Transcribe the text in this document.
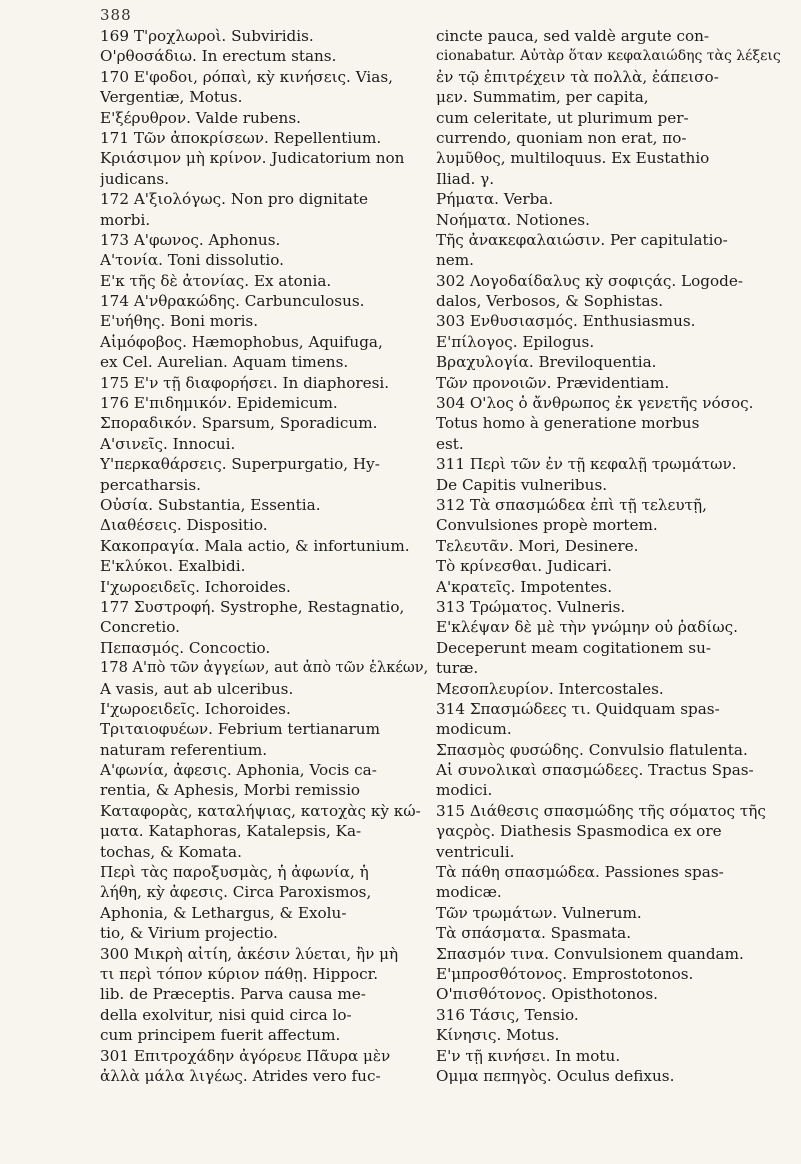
388
169 Τ'ροχλωροὶ. Subviridis.
O'ρθοσάδιω. In erectum stans.
170 E'φοδοι, ρόπαὶ, κỳ κινήσεις. Vias,
Vergentiæ, Motus.
E'ξέρυθρον. Valde rubens.
171 Τῶν ἀποκρίσεων. Repellentium.
Κριάσιμον μὴ κρίνον. Judicatorium non
judicans.
172 A'ξιολόγως. Non pro dignitate
morbi.
173 A'φωνος. Aphonus.
A'τονία. Toni dissolutio.
E'κ τῆς δὲ ἀτονίας. Ex atonia.
174 A'νθρακώδης. Carbunculosus.
E'υήθης. Boni moris.
Αἱμόφοβος. Hæmophobus, Aquifuga,
ex Cel. Aurelian. Aquam timens.
175 E'ν τῇ διαφορήσει. In diaphoresi.
176 E'πιδημικόν. Epidemicum.
Σποραδικόν. Sparsum, Sporadicum.
A'σινεῖς. Innocui.
Υ'περκαθάρσεις. Superpurgatio, Hy-
percatharsis.
Οὐσία. Substantia, Essentia.
Διαθέσεις. Dispositio.
Κακοπραγία. Mala actio, & infortunium.
E'κλύκοι. Exalbidi.
Ι'χωροειδεῖς. Ichoroides.
177 Συστροφή. Systrophe, Restagnatio,
Concretio.
Πεπασμός. Concoctio.
178 A'πὸ τῶν ἀγγείων, aut ἀπὸ τῶν ἑλκέων,
A vasis, aut ab ulceribus.
Ι'χωροειδεῖς. Ichoroides.
Τριταιοφυέων. Febrium tertianarum
naturam referentium.
A'φωνία, ἀφεσις. Aphonia, Vocis ca-
rentia, & Aphesis, Morbi remissio
Καταφορὰς, καταλήψιας, κατοχὰς κỳ κώ-
ματα. Kataphoras, Katalepsis, Ka-
tochas, & Komata.
Περὶ τὰς παροξυσμὰς, ἡ ἀφωνία, ἡ
λήθη, κỳ ἀφεσις. Circa Paroxismos,
Aphonia, & Lethargus, & Exolu-
tio, & Virium projectio.
300 Μικρὴ αἰτίη, ἀκέσιν λύεται, ἢν μὴ
τι περὶ τόπον κύριον πάθῃ. Hippocr.
lib. de Præceptis. Parva causa me-
della exolvitur, nisi quid circa lo-
cum principem fuerit affectum.
301 Επιτροχάδην ἀγόρευε Πᾶυρα μὲν
ἀλλὰ μάλα λιγέως. Atrides vero fuc-
cincte pauca, sed valdè argute con-
cionabatur. Αὐτὰρ ὅταν κεφαλαιώδης τὰς λέξεις
ἐν τῷ ἐπιτρέχειν τὰ πολλὰ, ἐάπεισο-
μεν. Summatim, per capita,
cum celeritate, ut plurimum per-
currendo, quoniam non erat, πο-
λυμῦθος, multiloquus. Ex Eustathio
Iliad. γ.
Ρήματα. Verba.
Νοήματα. Notiones.
Τῆς ἀνακεφαλαιώσιν. Per capitulatio-
nem.
302 Λογοδαίδαλυς κỳ σοφιςάς. Logode-
dalos, Verbosos, & Sophistas.
303 Ενθυσιασμός. Enthusiasmus.
E'πίλογος. Epilogus.
Βραχυλογία. Breviloquentia.
Τῶν προνοιῶν. Prævidentiam.
304 Ο'λος ὁ ἄνθρωπος ἐκ γενετῆς νόσος.
Totus homo à generatione morbus
est.
311 Περὶ τῶν ἐν τῇ κεφαλῇ τρωμάτων.
De Capitis vulneribus.
312 Τὰ σπασμώδεα ἐπὶ τῇ τελευτῇ,
Convulsiones propè mortem.
Τελευτᾶν. Mori, Desinere.
Τὸ κρίνεσθαι. Judicari.
A'κρατεῖς. Impotentes.
313 Τρώματος. Vulneris.
E'κλέψαν δὲ μὲ τὴν γνώμην οὐ ῥαδίως.
Deceperunt meam cogitationem su-
turæ.
Μεσοπλευρίον. Intercostales.
314 Σπασμώδεες τι. Quidquam spas-
modicum.
Σπασμὸς φυσώδης. Convulsio flatulenta.
Αἱ συνολικαὶ σπασμώδεες. Tractus Spas-
modici.
315 Διάθεσις σπασμώδης τῆς σόματος τῆς
γαςρὸς. Diathesis Spasmodica ex ore
ventriculi.
Τὰ πάθη σπασμώδεα. Passiones spas-
modicæ.
Τῶν τρωμάτων. Vulnerum.
Τὰ σπάσματα. Spasmata.
Σπασμόν τινα. Convulsionem quandam.
E'μπροσθότονος. Emprostotonos.
O'πισθότονος. Opisthotonos.
316 Τάσις, Tensio.
Κίνησις. Motus.
E'ν τῇ κινήσει. In motu.
Ομμα πεπηγὸς. Oculus defixus.
